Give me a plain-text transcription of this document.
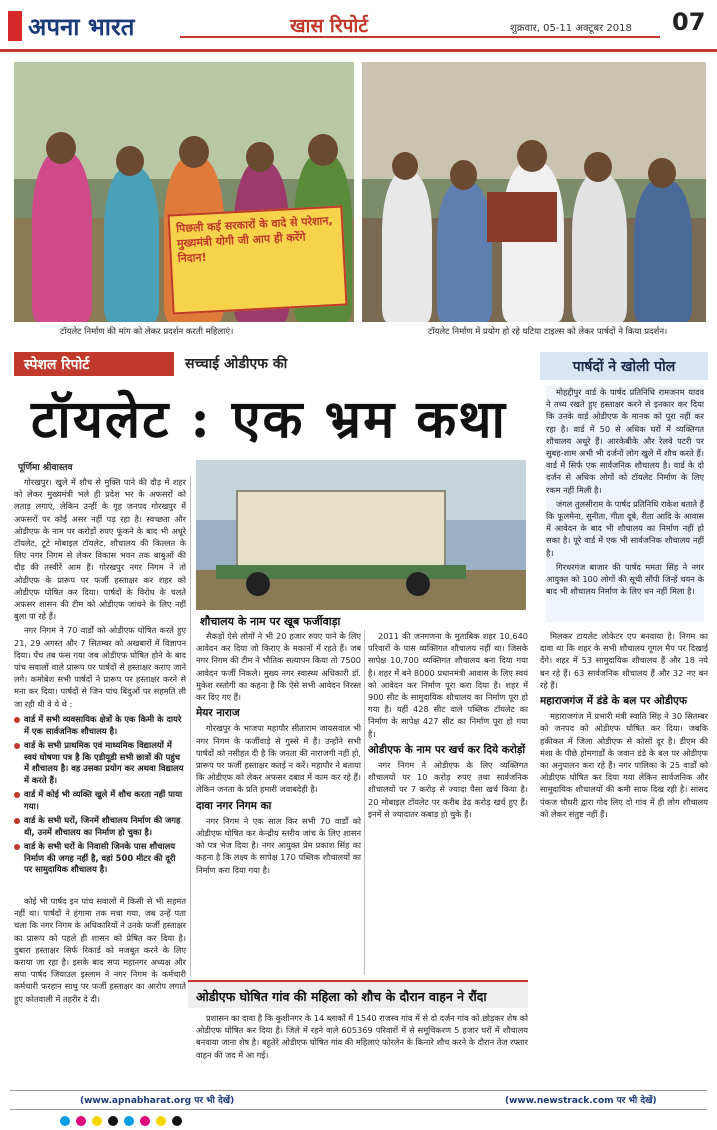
अपना भारत	खास रिपोर्ट	शुक्रवार, 05-11 अक्टूबर 2018 07
पिछली कई सरकारों के वादे से परेशान, मुख्यमंत्री योगी जी आप ही करेंगे निदान!
टॉयलेट निर्माण की मांग को लेकर प्रदर्शन करती महिलाएं।	टॉयलेट निर्माण में प्रयोग हो रहे घटिया टाइल्स को लेकर पार्षदों ने किया प्रदर्शन।
स्पेशल रिपोर्ट	सच्चाई ओडीएफ की
टॉयलेट : एक भ्रम कथा
पूर्णिमा श्रीवास्तव

गोरखपुर। खुले में शौच से मुक्ति पाने की दौड़ में शहर को लेकर मुख्यमंत्री भले ही प्रदेश भर के अफसरों को लताड़ लगाएं, लेकिन उन्हीं के गृह जनपद गोरखपुर में अफसरों पर कोई असर नहीं पड़ रहा है। स्वच्छता और ओडीएफ के नाम पर करोड़ों रुपए फूंकने के बाद भी अधूरे टॉयलेट, टूटे मोबाइल टॉयलेट, शौचालय की किल्लत के लिए नगर निगम से लेकर विकास भवन तक बाबुओं की दौड़ की तस्वीरें आम हैं। गोरखपुर नगर निगम ने तो ओडीएफ के प्रारूप पर फर्जी हस्ताक्षर कर शहर को ओडीएफ घोषित कर दिया। पार्षदों के विरोध के चलते अफसर शासन की टीम को ओडीएफ जांचने के लिए नहीं बुला पा रहे हैं।

नगर निगम ने 70 वार्डों को ओडीएफ घोषित करते हुए 21, 29 अगस्त और 7 सितम्बर को अखबारों में विज्ञापन दिया। पेंच तब फंस गया जब ओडीएफ घोषित होने के बाद पांच सवालों वाले प्रारूप पर पार्षदों से हस्ताक्षर कराए जाने लगे। कमोबेश सभी पार्षदों ने प्रारूप पर हस्ताक्षर करने से मना कर दिया। पार्षदों से जिन पांच बिंदुओं पर सहमति ली जा रही थी वे ये थे :

वार्ड में सभी व्यवसायिक क्षेत्रों के एक किमी के दायरे में एक सार्वजनिक शौचालय है।
वार्ड के सभी प्राथमिक एवं माध्यमिक विद्यालयों में स्वयं घोषणा पत्र है कि एडीयूडी सभी छात्रों की पहुंच में शौचालय है। वह उसका प्रयोग कर अथवा विद्यालय में करते हैं।
वार्ड में कोई भी व्यक्ति खुले में शौच करता नहीं पाया गया।
वार्ड के सभी घरों, जिनमें शौचालय निर्माण की जगह थी, उनमें शौचालय का निर्माण हो चुका है।
वार्ड के सभी घरों के निवासी जिनके पास शौचालय निर्माण की जगह नहीं है, वहां 500 मीटर की दूरी पर सामुदायिक शौचालय है।

कोई भी पार्षद इन पांच सवालों में किसी से भी सहमत नहीं था। पार्षदों ने हंगामा तक मचा गया, जब उन्हें पता चला कि नगर निगम के अधिकारियों ने उनके फर्जी हस्ताक्षर का प्रारूप को पहले ही शासन को प्रेषित कर दिया है। दुबारा हस्ताक्षर सिर्फ रिकार्ड को मजबूत करने के लिए कराया जा रहा है। इसके बाद सपा महानगर अध्यक्ष और सपा पार्षद जियाउल इस्लाम ने नगर निगम के कर्मचारी कर्मचारी फरहान साथु पर फर्जी हस्ताक्षर का आरोप लगाते हुए कोतवाली में तहरीर दे दी।

शौचालय के नाम पर खूब फर्जीवाड़ा

सैकड़ों ऐसे लोगों ने भी 20 हजार रुपए पाने के लिए आवेदन कर दिया जो किराए के मकानों में रहते हैं। जब नगर निगम की टीम ने भौतिक सत्यापन किया तो 7500 आवेदन फर्जी निकले। मुख्य नगर स्वास्थ्य अधिकारी डॉ. मुकेश रस्तोगी का कहना है कि ऐसे सभी आवेदन निरस्त कर दिए गए हैं।

मेयर नाराज

गोरखपुर के भाजपा महापौर सीताराम जायसवाल भी नगर निगम के फर्जीवाड़े से गुस्से में हैं। उन्होंने सभी पार्षदों को नसीहत दी है कि जनता की नाराजगी नहीं हो, प्रारूप पर फर्जी हस्ताक्षर कतई न करें। महापौर ने बताया कि ओडीएफ को लेकर अफसर दबाव में काम कर रहे हैं। लेकिन जनता के प्रति हमारी जवाबदेही है।

दावा नगर निगम का

नगर निगम ने एक साल किर सभी 70 वार्डों को ओडीएफ घोषित कर केन्द्रीय स्तरीय जांच के लिए शासन को पत्र भेज दिया है। नगर आयुक्त प्रेम प्रकाश सिंह का कहना है कि लक्ष्य के सापेक्ष 170 पब्लिक शौचालयों का निर्माण करा दिया गया है।

2011 की जनगणना के मुताबिक शहर 10,640 परिवारों के पास व्यक्तिगत शौचालय नहीं था। जिसके सापेक्ष 10,700 व्यक्तिगत शौचालय बना दिया गया है। शहर में बने 8000 प्रधानमंत्री आवास के लिए स्वयं को आवेदन कर निर्माण पूरा करा दिया है। शहर में 900 सीट के सामुदायिक शौचालय का निर्माण पूरा हो गया है। यहीं 428 सीट वाले पब्लिक टॉयलेट का निर्माण के सापेक्ष 427 सीट का निर्माण पूरा हो गया है।

ओडीएफ के नाम पर खर्च कर दिये करोड़ों

नगर निगम ने ओडीएफ के लिए व्यक्तिगत शौचालयों पर 10 करोड़ रुपए तथा सार्वजनिक शौचालयों पर 7 करोड़ से ज्यादा पैसा खर्च किया है। 20 मोबाइल टॉयलेट पर करीब डेढ़ करोड़ खर्च हुए हैं। इनमें से ज्यादातर कबाड़ हो चुके हैं।

मिलकर टायलेट लोकेटर एप बनवाया है। निगम का दावा था कि शहर के सभी शौचालय गूगल मैप पर दिखाई देंगे। शहर में 53 सामुदायिक शौचालय हैं और 18 नये बन रहे हैं। 63 सार्वजनिक शौचालय हैं और 32 नए बन रहे हैं।

महाराजगंज में डंडे के बल पर ओडीएफ

महाराजगंज में प्रभारी मंत्री स्वाति सिंह ने 30 सितम्बर को जनपद को ओडीएफ घोषित कर दिया। जबकि हकीकत में जिला ओडीएफ से कोसों दूर है। डीएम की मंशा के पीछे होमगार्डों के जवान डंडे के बल पर ओडीएफ का अनुपालन करा रहे हैं। नगर पालिका के 25 वार्डों को ओडीएफ घोषित कर दिया गया लेकिन सार्वजनिक और सामुदायिक शौचालयों की कमी साफ दिख रही है। सांसद पंकज चौधरी द्वारा गोद लिए दो गांव में ही लोग शौचालय को लेकर संतुष्ट नहीं हैं।

पार्षदों ने खोली पोल

मोहद्दीपुर वार्ड के पार्षद प्रतिनिधि रामजनम यादव ने तथ्य रखते हुए हस्ताक्षर करने से इनकार कर दिया कि उनके वार्ड ओडीएफ के मानक को पूरा नहीं कर रहा है। वार्ड में 50 से अधिक घरों में व्यक्तिगत शौचालय अधूरे हैं। आरकेबीके और रेलवे पटरी पर सुबह-शाम अभी भी दर्जनों लोग खुले में शौच करते हैं। वार्ड में सिर्फ एक सार्वजनिक शौचालय है। वार्ड के दो दर्जन से अधिक लोगों को टॉयलेट निर्माण के लिए रकम नहीं मिली है।

जंगल तुलसीराम के पार्षद प्रतिनिधि राकेश बताते हैं कि फूलमेना, सुनीता, गीता दूबे, रीता आदि के आवास में आवेदन के बाद भी शौचालय का निर्माण नहीं हो सका है। पूरे वार्ड में एक भी सार्वजनिक शौचालय नहीं है।

गिरधरगंज बाजार की पार्षद ममता सिंह ने नगर आयुक्त को 100 लोगों की सूची सौंपी जिन्हें चयन के बाद भी शौचालय निर्माण के लिए धन नहीं मिला है।

ओडीएफ घोषित गांव की महिला को शौच के दौरान वाहन ने रौंदा

प्रशासन का दावा है कि कुशीनगर के 14 ब्लाकों में 1540 राजस्व गांव में से दो दर्जन गांव को छोड़कर शेष को ओडीएफ घोषित कर दिया है। जिले में रहने वाले 605369 परिवारों में से समूचिकरण 5 हजार घरों में शौचालय बनवाया जाना शेष है। बहुतेरे ओडीएफ घोषित गांव की महिलाएं फोरलेन के किनारे शौच करने के दौरान तेज रफ्तार वाहन की जद में आ गई।

(www.apnabharat.org पर भी देखें)	(www.newstrack.com पर भी देखें)
